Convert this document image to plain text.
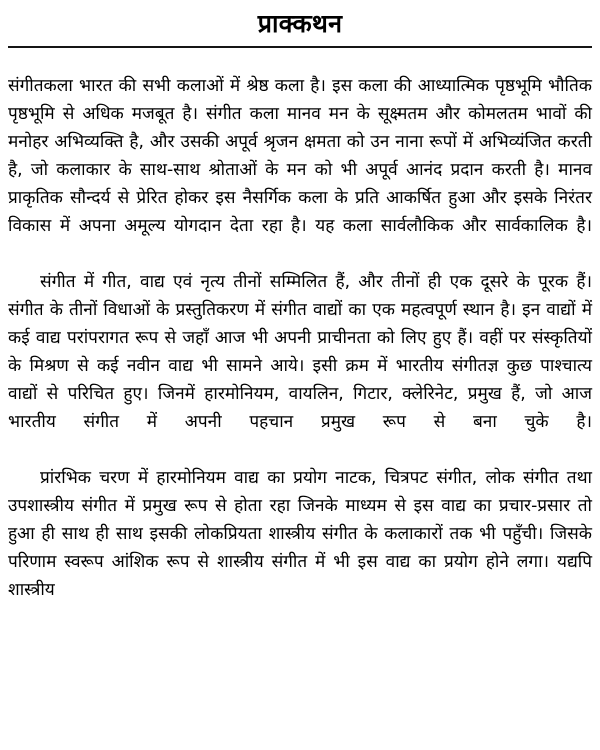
प्राक्कथन

संगीतकला भारत की सभी कलाओं में श्रेष्ठ कला है। इस कला की आध्यात्मिक पृष्ठभूमि भौतिक पृष्ठभूमि से अधिक मजबूत है। संगीत कला मानव मन के सूक्ष्मतम और कोमलतम भावों की मनोहर अभिव्यक्ति है, और उसकी अपूर्व श्रृजन क्षमता को उन नाना रूपों में अभिव्यंजित करती है, जो कलाकार के साथ-साथ श्रोताओं के मन को भी अपूर्व आनंद प्रदान करती है। मानव प्राकृतिक सौन्दर्य से प्रेरित होकर इस नैसर्गिक कला के प्रति आकर्षित हुआ और इसके निरंतर विकास में अपना अमूल्य योगदान देता रहा है। यह कला सार्वलौकिक और सार्वकालिक है।

संगीत में गीत, वाद्य एवं नृत्य तीनों सम्मिलित हैं, और तीनों ही एक दूसरे के पूरक हैं। संगीत के तीनों विधाओं के प्रस्तुतिकरण में संगीत वाद्यों का एक महत्वपूर्ण स्थान है। इन वाद्यों में कई वाद्य परांपरागत रूप से जहाँ आज भी अपनी प्राचीनता को लिए हुए हैं। वहीं पर संस्कृतियों के मिश्रण से कई नवीन वाद्य भी सामने आये। इसी क्रम में भारतीय संगीतज्ञ कुछ पाश्चात्य वाद्यों से परिचित हुए। जिनमें हारमोनियम, वायलिन, गिटार, क्लेरिनेट, प्रमुख हैं, जो आज भारतीय संगीत में अपनी पहचान प्रमुख रूप से बना चुके है।

प्रांरभिक चरण में हारमोनियम वाद्य का प्रयोग नाटक, चित्रपट संगीत, लोक संगीत तथा उपशास्त्रीय संगीत में प्रमुख रूप से होता रहा जिनके माध्यम से इस वाद्य का प्रचार-प्रसार तो हुआ ही साथ ही साथ इसकी लोकप्रियता शास्त्रीय संगीत के कलाकारों तक भी पहुँची। जिसके परिणाम स्वरूप आंशिक रूप से शास्त्रीय संगीत में भी इस वाद्य का प्रयोग होने लगा। यद्यपि शास्त्रीय
